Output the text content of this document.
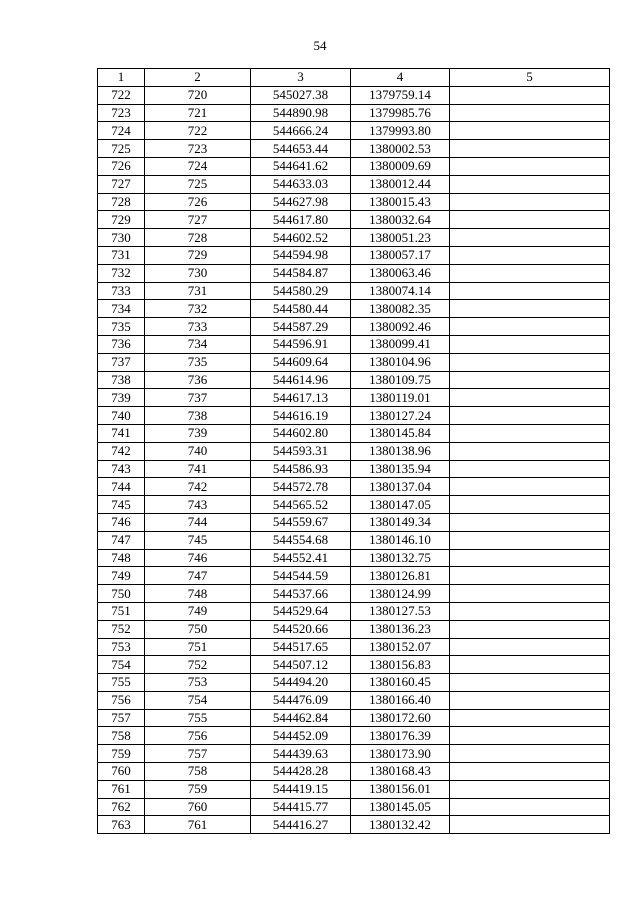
54
1	2	3	4	5
722	720	545027.38	1379759.14	
723	721	544890.98	1379985.76	
724	722	544666.24	1379993.80	
725	723	544653.44	1380002.53	
726	724	544641.62	1380009.69	
727	725	544633.03	1380012.44	
728	726	544627.98	1380015.43	
729	727	544617.80	1380032.64	
730	728	544602.52	1380051.23	
731	729	544594.98	1380057.17	
732	730	544584.87	1380063.46	
733	731	544580.29	1380074.14	
734	732	544580.44	1380082.35	
735	733	544587.29	1380092.46	
736	734	544596.91	1380099.41	
737	735	544609.64	1380104.96	
738	736	544614.96	1380109.75	
739	737	544617.13	1380119.01	
740	738	544616.19	1380127.24	
741	739	544602.80	1380145.84	
742	740	544593.31	1380138.96	
743	741	544586.93	1380135.94	
744	742	544572.78	1380137.04	
745	743	544565.52	1380147.05	
746	744	544559.67	1380149.34	
747	745	544554.68	1380146.10	
748	746	544552.41	1380132.75	
749	747	544544.59	1380126.81	
750	748	544537.66	1380124.99	
751	749	544529.64	1380127.53	
752	750	544520.66	1380136.23	
753	751	544517.65	1380152.07	
754	752	544507.12	1380156.83	
755	753	544494.20	1380160.45	
756	754	544476.09	1380166.40	
757	755	544462.84	1380172.60	
758	756	544452.09	1380176.39	
759	757	544439.63	1380173.90	
760	758	544428.28	1380168.43	
761	759	544419.15	1380156.01	
762	760	544415.77	1380145.05	
763	761	544416.27	1380132.42	
